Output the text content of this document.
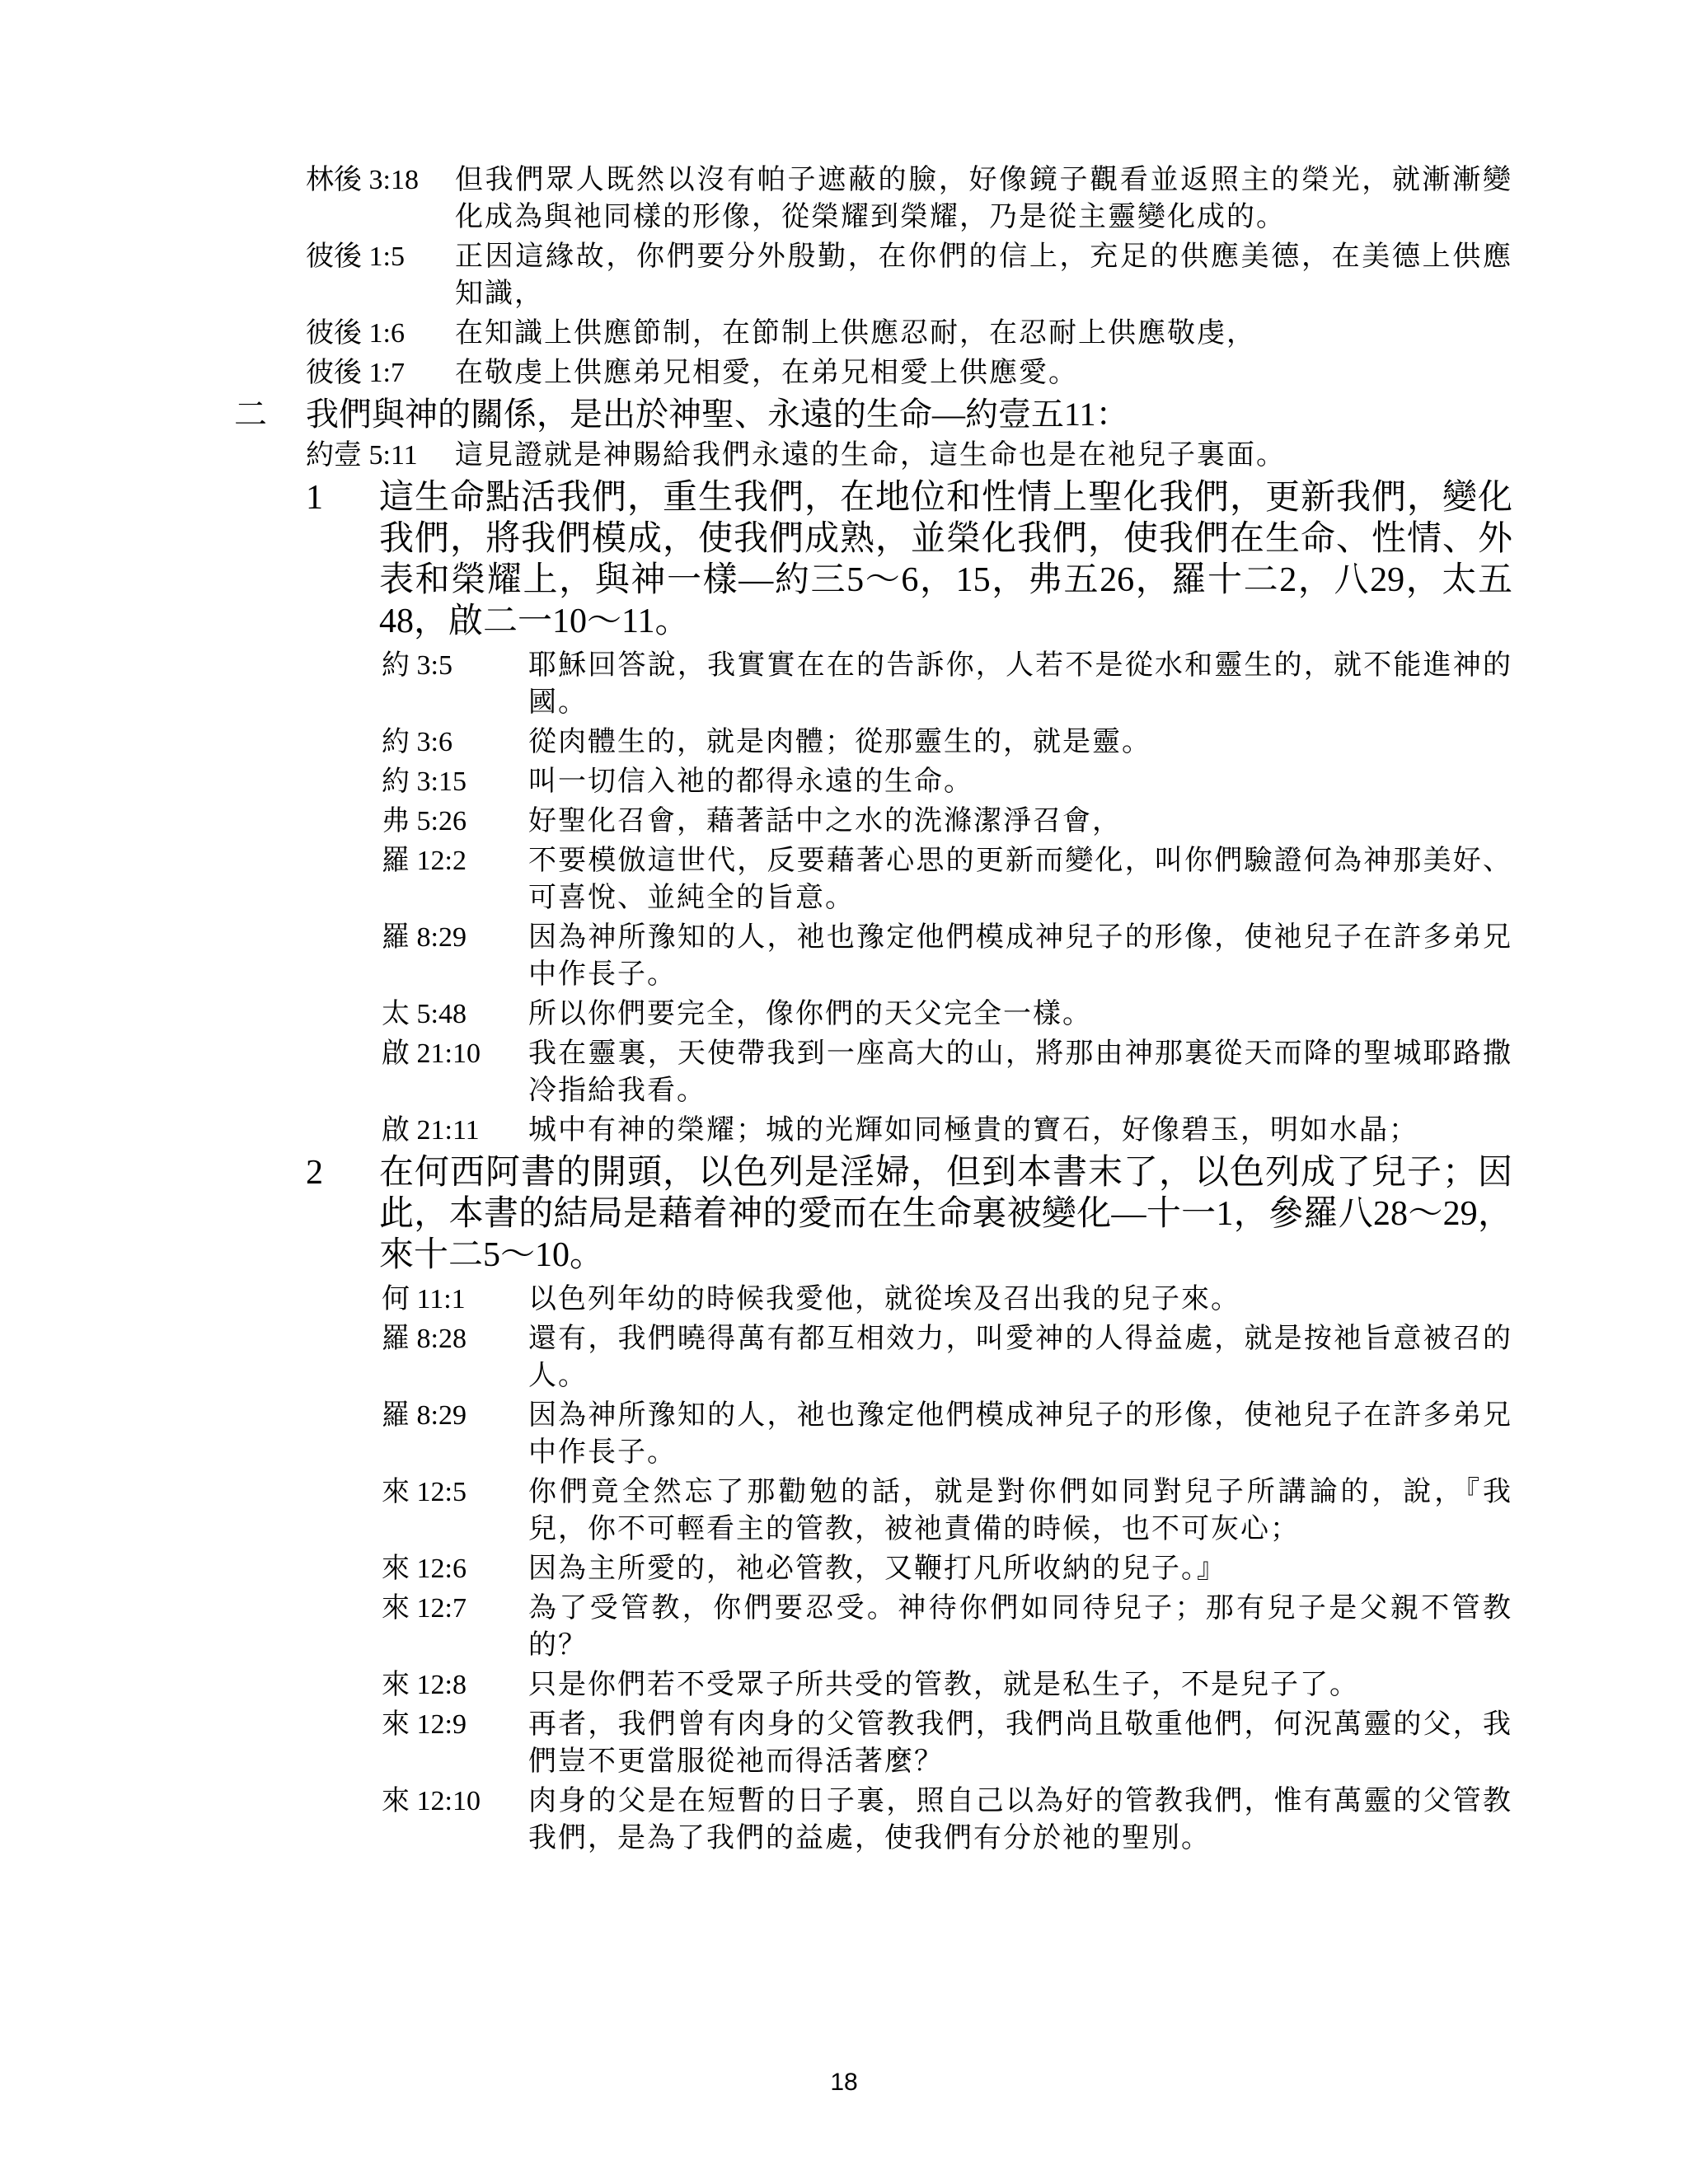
林後 3:18 但我們眾人既然以沒有帕子遮蔽的臉，好像鏡子觀看並返照主的榮光，就漸漸變化成為與祂同樣的形像，從榮耀到榮耀，乃是從主靈變化成的。
彼後 1:5 正因這緣故，你們要分外殷勤，在你們的信上，充足的供應美德，在美德上供應知識，
彼後 1:6 在知識上供應節制，在節制上供應忍耐，在忍耐上供應敬虔，
彼後 1:7 在敬虔上供應弟兄相愛，在弟兄相愛上供應愛。
二 我們與神的關係，是出於神聖、永遠的生命—約壹五11：
約壹 5:11 這見證就是神賜給我們永遠的生命，這生命也是在祂兒子裏面。
1 這生命點活我們，重生我們，在地位和性情上聖化我們，更新我們，變化我們，將我們模成，使我們成熟，並榮化我們，使我們在生命、性情、外表和榮耀上，與神一樣—約三5～6，15，弗五26，羅十二2，八29，太五48，啟二一10～11。
約 3:5	耶穌回答說，我實實在在的告訴你，人若不是從水和靈生的，就不能進神的國。
約 3:6	從肉體生的，就是肉體；從那靈生的，就是靈。
約 3:15 叫一切信入祂的都得永遠的生命。
弗 5:26 好聖化召會，藉著話中之水的洗滌潔淨召會，
羅 12:2 不要模倣這世代，反要藉著心思的更新而變化，叫你們驗證何為神那美好、可喜悅、並純全的旨意。
羅 8:29 因為神所豫知的人，祂也豫定他們模成神兒子的形像，使祂兒子在許多弟兄中作長子。
太 5:48 所以你們要完全，像你們的天父完全一樣。
啟 21:10 我在靈裏，天使帶我到一座高大的山，將那由神那裏從天而降的聖城耶路撒冷指給我看。
啟 21:11 城中有神的榮耀；城的光輝如同極貴的寶石，好像碧玉，明如水晶；
2 在何西阿書的開頭，以色列是淫婦，但到本書末了，以色列成了兒子；因此，本書的結局是藉着神的愛而在生命裏被變化—十一1，參羅八28～29，來十二5～10。
何 11:1 以色列年幼的時候我愛他，就從埃及召出我的兒子來。
羅 8:28 還有，我們曉得萬有都互相效力，叫愛神的人得益處，就是按祂旨意被召的人。
羅 8:29 因為神所豫知的人，祂也豫定他們模成神兒子的形像，使祂兒子在許多弟兄中作長子。
來 12:5 你們竟全然忘了那勸勉的話，就是對你們如同對兒子所講論的，說，『我兒，你不可輕看主的管教，被祂責備的時候，也不可灰心；
來 12:6 因為主所愛的，祂必管教，又鞭打凡所收納的兒子。』
來 12:7 為了受管教，你們要忍受。神待你們如同待兒子；那有兒子是父親不管教的？
來 12:8 只是你們若不受眾子所共受的管教，就是私生子，不是兒子了。
來 12:9 再者，我們曾有肉身的父管教我們，我們尚且敬重他們，何況萬靈的父，我們豈不更當服從祂而得活著麼？
來 12:10 肉身的父是在短暫的日子裏，照自己以為好的管教我們，惟有萬靈的父管教我們，是為了我們的益處，使我們有分於祂的聖別。
18
